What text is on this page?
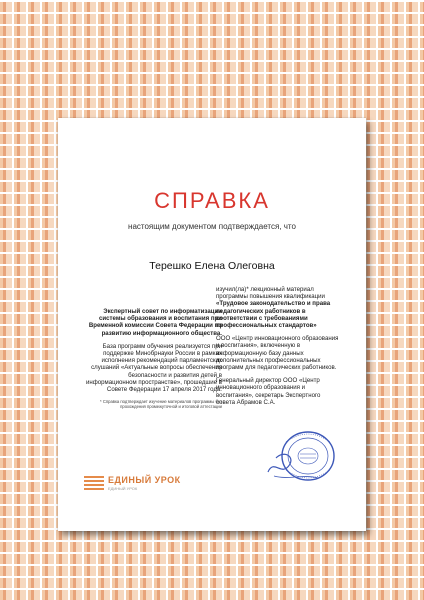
СПРАВКА
настоящим документом подтверждается, что
Терешко Елена Олеговна

Экспертный совет по информатизации системы образования и воспитания при Временной комиссии Совета Федерации по развитию информационного общества.

База программ обучения реализуется при поддержке Минобрнауки России в рамках исполнения рекомендаций парламентских слушаний «Актуальные вопросы обеспечения безопасности и развития детей в информационном пространстве», прошедшие в Совете Федерации 17 апреля 2017 года.

* Справка подтверждает изучение материалов программы без прохождения промежуточной и итоговой аттестации

изучил(ла)* лекционный материал программы повышения квалификации «Трудовое законодательство и права педагогических работников в соответствии с требованиями профессиональных стандартов»

ООО «Центр инновационного образования и воспитания», включенную в информационную базу данных дополнительных профессиональных программ для педагогических работников.

Генеральный директор ООО «Центр инновационного образования и воспитания», секретарь Экспертного совета Абрамов С.А.

ЕДИНЫЙ УРОК
ЕДИНЫЙ УРОК
